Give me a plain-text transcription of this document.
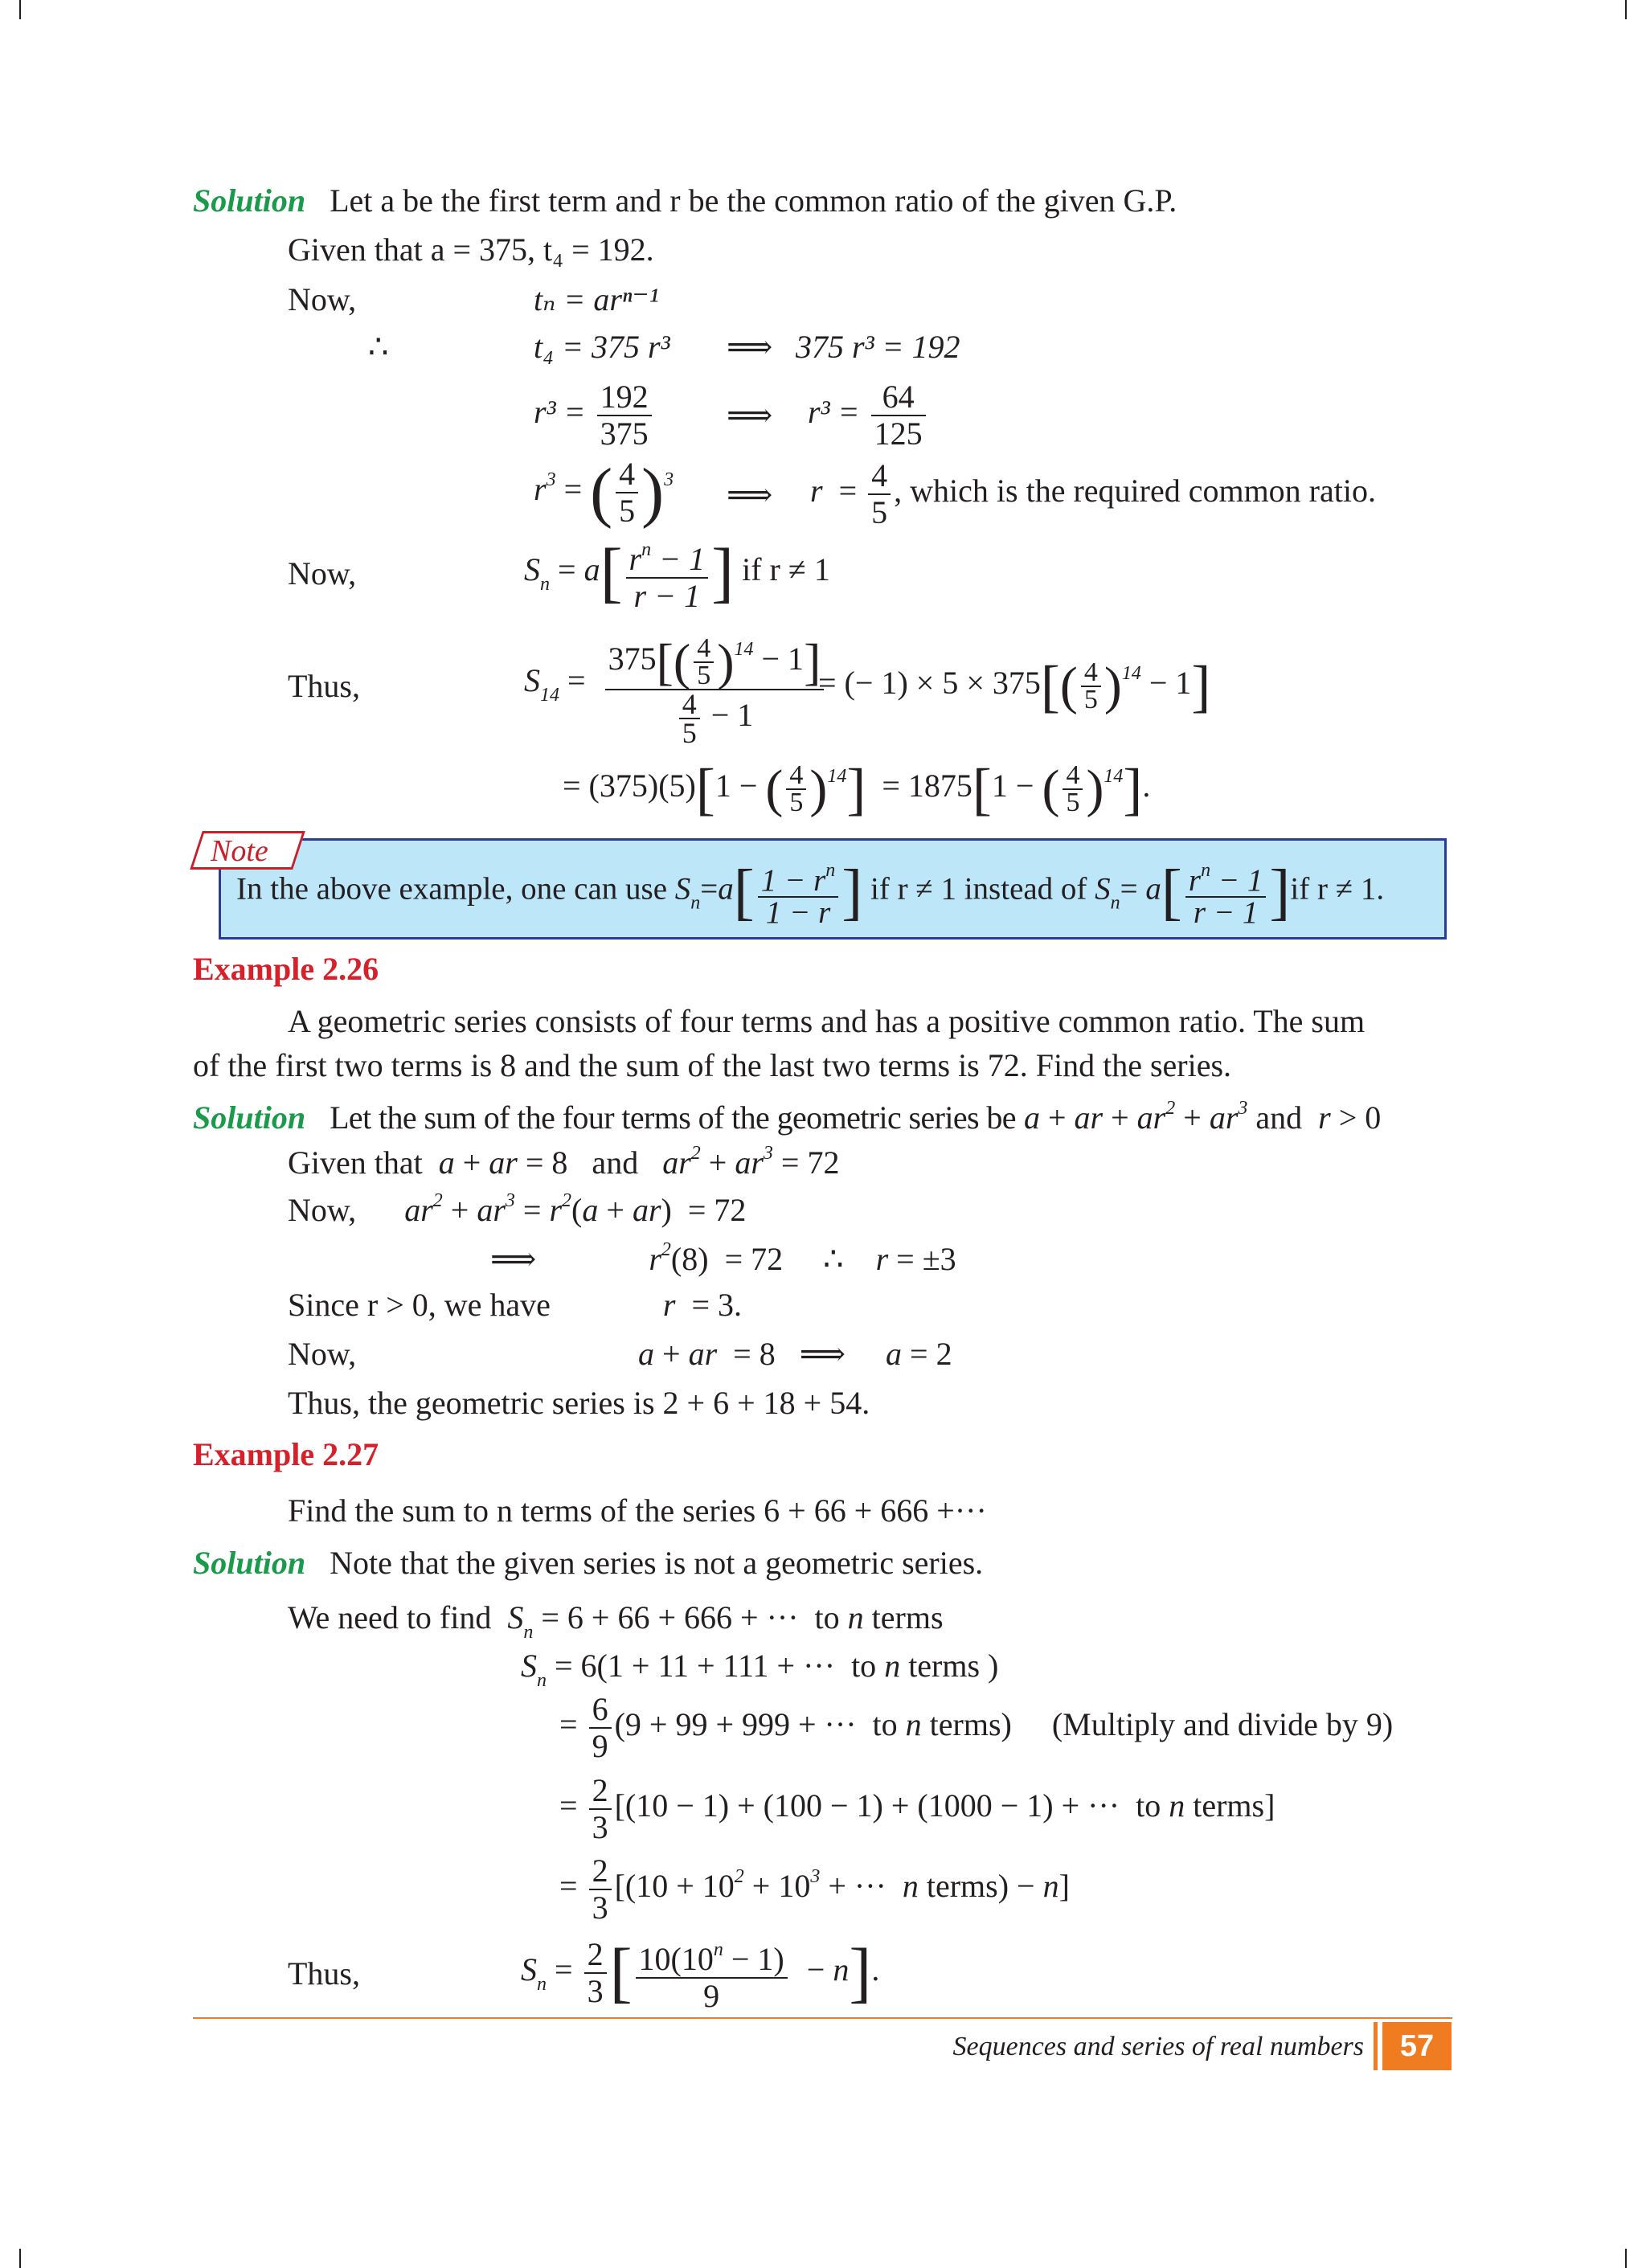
Solution Let a be the first term and r be the common ratio of the given G.P.
Given that a = 375, t₄ = 192.
Now,	tₙ = arⁿ⁻¹
∴	t₄ = 375 r³ ⟹ 375 r³ = 192
$r^3 = \frac{192}{375}$ ⟹ $r^3 = \frac{64}{125}$
$r^3$ = ( $\frac{4}{5} )^3$ ⟹ $r = \frac{4}{5}$ , which is the required common ratio.
Now,	$S_n = a[ \frac{r^n - 1}{r - 1}$ ] if r ≠ 1
Thus,	$S_{14} = \frac{375[( \frac{4}{5} )^{14} - 1]}{\frac{4}{5} - 1}$
= (− $1) \times 5 \times 375[( \frac{4}{5} )^{14} - 1]$
= (375)(5)[1 − ( $\frac{4}{5} )^{14}] = 1875[1$ − ( $\frac{4}{5} )^{14}$].
Note
In the above example, one can use $S_n=a[ \frac{1 - r^n}{1 - r}$ ] if r ≠ 1 instead of $S_n= a[ \frac{r^n - 1}{r - 1} ]if$ r ≠ 1.
Example 2.26
A geometric series consists of four terms and has a positive common ratio. The sum
of the first two terms is 8 and the sum of the last two terms is 72. Find the series.
Solution Let the sum of the four terms of the geometric series be a + ar + $ar^2 + ar^3$ and  r > 0
Given that a + ar = 8   and   $ar^2 + ar^3 = 72$
Now, $ar^2 + ar^3 = r^2(a + ar) = 72$
⟹              $r^2(8) = 72$     ∴    r = ±3
Since r > 0, we have	r  = 3.
Now,	a + ar  = 8   ⟹     a = 2
Thus, the geometric series is 2 + 6 + 18 + 54.
Example 2.27
Find the sum to n terms of the series 6 + 66 + 666 +···
Solution Note that the given series is not a geometric series.
We need to find $S_n = 6 + 66 + 666$ + ···  to n terms
$S_n = 6(1 + 11 + 111$ + ···  to n terms )
= $\frac{6}{9} (9 + 99 + 999$ + ···  to n terms)     (Multiply and divide by 9)
= $\frac{2}{3} [(10 - 1) + (100 - 1) + (1000 - 1)$ + ···  to n terms]
= $\frac{2}{3} [(10 + 10^2 + 10^3$ + ···  n terms) − n]
Thus,	$S_n = \frac{2}{3}$ [ $\frac{10(10^n - 1)}{9} - n$].
Sequences and series of real numbers	57
